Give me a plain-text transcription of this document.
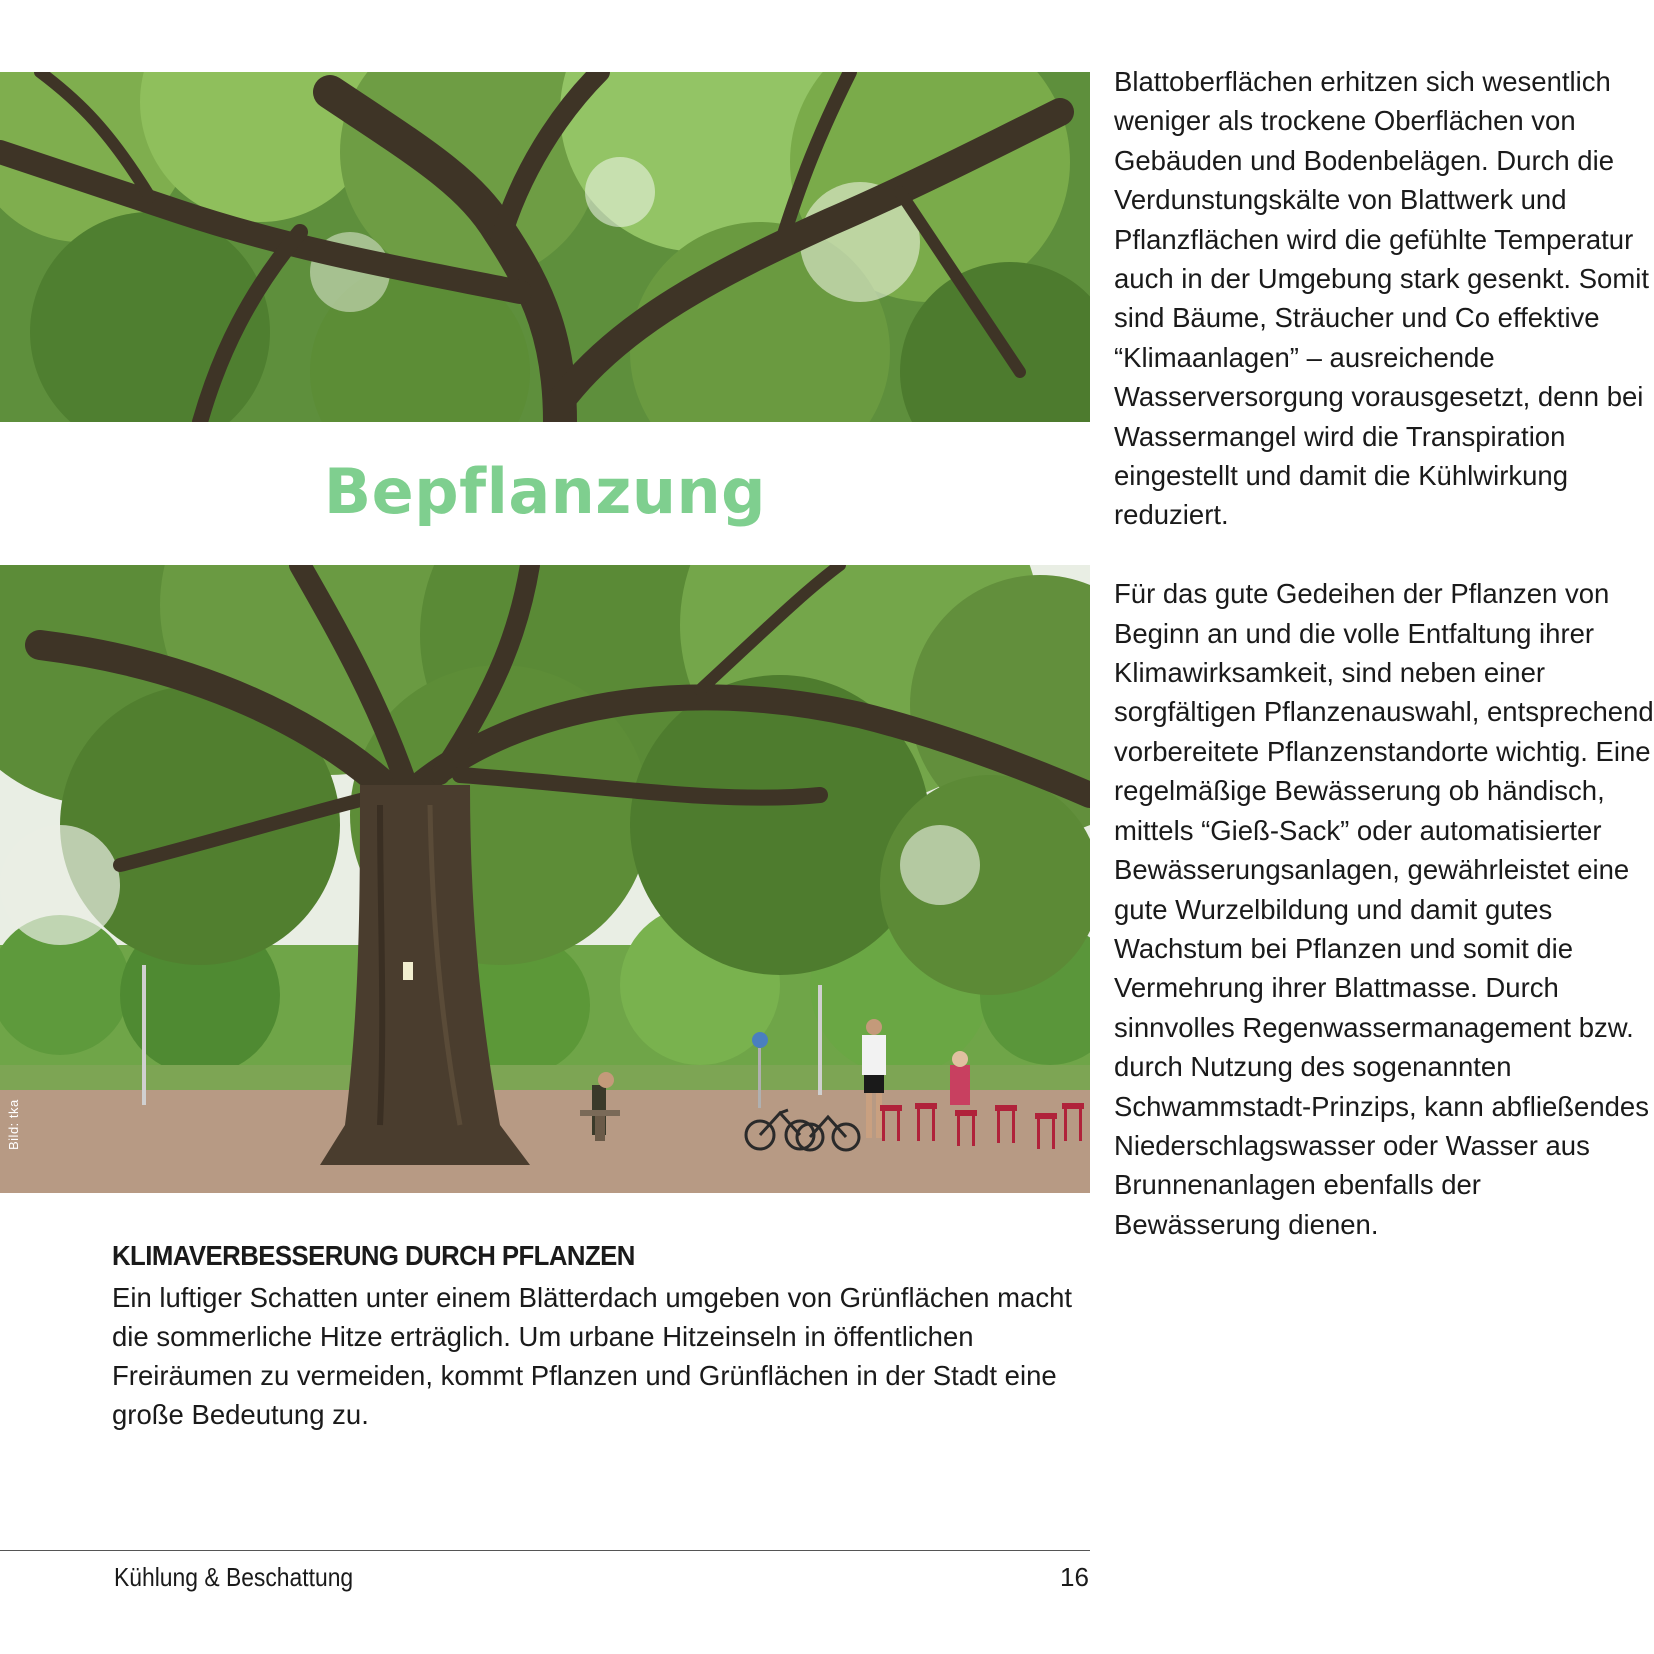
Bepflanzung
Bild: tka
KLIMAVERBESSERUNG DURCH PFLANZEN

Ein luftiger Schatten unter einem Blätterdach umgeben von Grünflächen macht die sommerliche Hitze erträglich. Um urbane Hitzeinseln in öffentlichen Freiräumen zu vermeiden, kommt Pflanzen und Grünflächen in der Stadt eine große Bedeutung zu.

Blattoberflächen erhitzen sich wesentlich weniger als trockene Oberflächen von Gebäuden und Bodenbelägen. Durch die Verdunstungskälte von Blattwerk und Pflanzflächen wird die gefühlte Temperatur auch in der Umgebung stark gesenkt. Somit sind Bäume, Sträucher und Co effektive “Klimaanlagen” – ausreichende Wasserversorgung vorausgesetzt, denn bei Wassermangel wird die Transpiration eingestellt und damit die Kühlwirkung reduziert.

Für das gute Gedeihen der Pflanzen von Beginn an und die volle Entfaltung ihrer Klimawirksamkeit, sind neben einer sorgfältigen Pflanzenauswahl, entsprechend vorbereitete Pflanzenstandorte wichtig. Eine regelmäßige Bewässerung ob händisch, mittels “Gieß-Sack” oder automatisierter Bewässerungsanlagen, gewährleistet eine gute Wurzelbildung und damit gutes Wachstum bei Pflanzen und somit die Vermehrung ihrer Blattmasse. Durch sinnvolles Regenwassermanagement bzw. durch Nutzung des sogenannten Schwammstadt-Prinzips, kann abfließendes Niederschlagswasser oder Wasser aus Brunnenanlagen ebenfalls der Bewässerung dienen.

Kühlung & Beschattung	16
